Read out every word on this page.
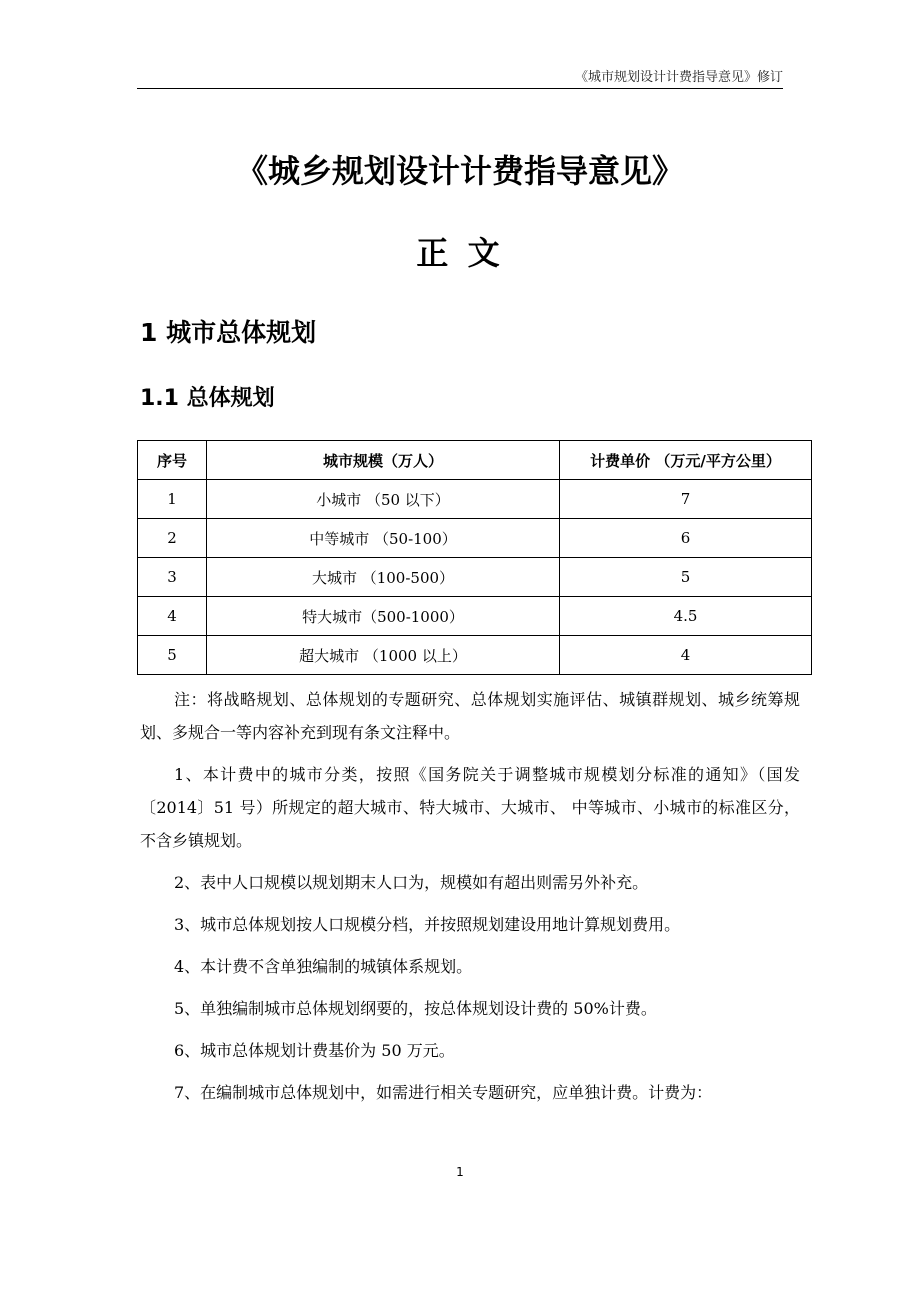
《城市规划设计计费指导意见》修订
《城乡规划设计计费指导意见》
正 文
1 城市总体规划
1.1 总体规划
序号	城市规模（万人）	计费单价 （万元/平方公里）
1	小城市 （50 以下）	7
2	中等城市 （50-100）	6
3	大城市 （100-500）	5
4	特大城市（500-1000）	4.5
5	超大城市 （1000 以上）	4

注：将战略规划、总体规划的专题研究、总体规划实施评估、城镇群规划、城乡统筹规划、多规合一等内容补充到现有条文注释中。

1、本计费中的城市分类，按照《国务院关于调整城市规模划分标准的通知》（国发〔2014〕51 号）所规定的超大城市、特大城市、大城市、 中等城市、小城市的标准区分，不含乡镇规划。

2、表中人口规模以规划期末人口为，规模如有超出则需另外补充。

3、城市总体规划按人口规模分档，并按照规划建设用地计算规划费用。

4、本计费不含单独编制的城镇体系规划。

5、单独编制城市总体规划纲要的，按总体规划设计费的 50%计费。

6、城市总体规划计费基价为 50 万元。

7、在编制城市总体规划中，如需进行相关专题研究，应单独计费。计费为：

1
